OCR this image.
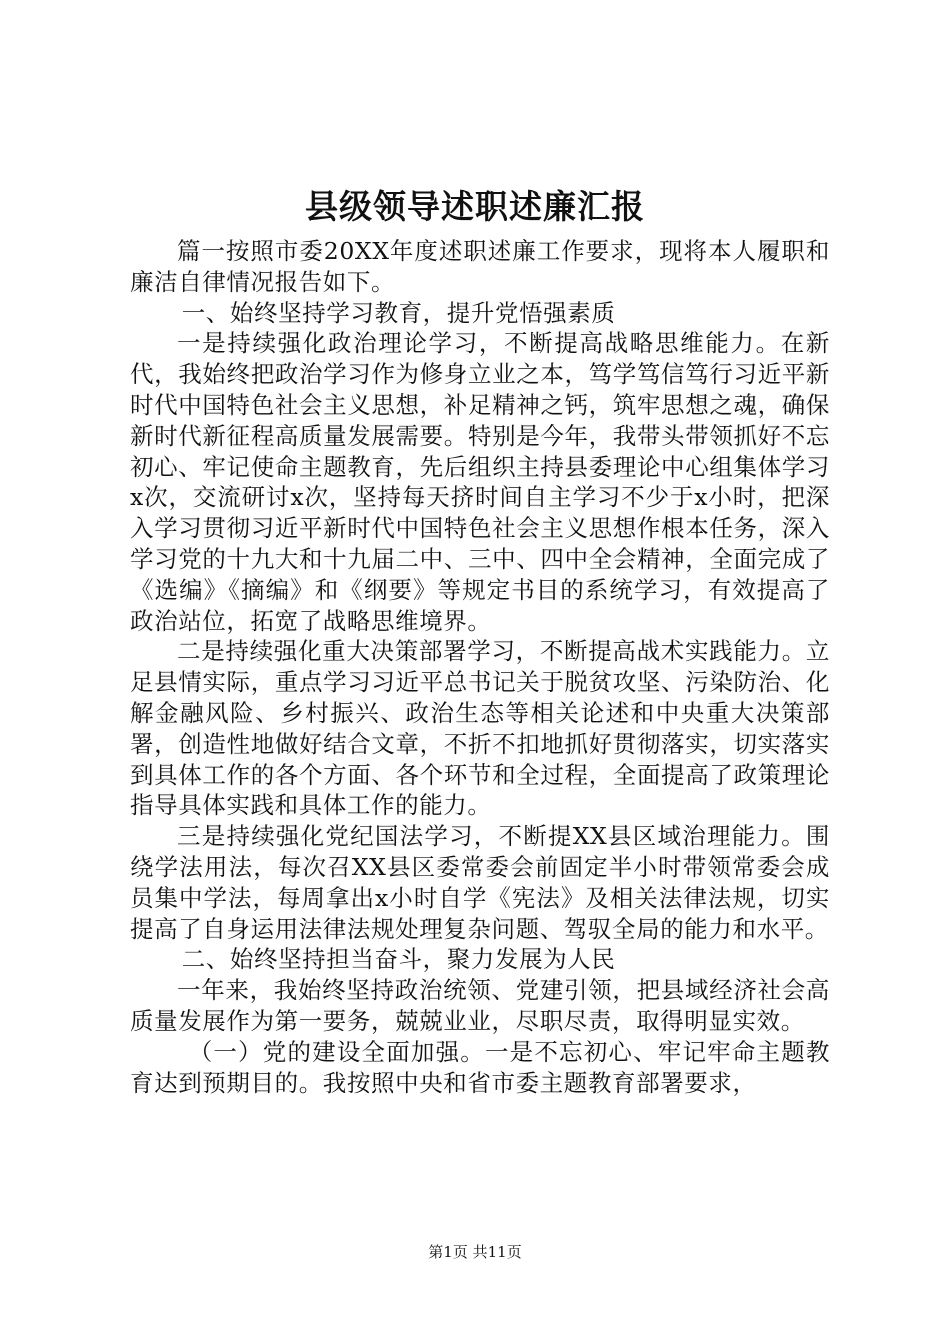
县级领导述职述廉汇报

篇一按照市委20XX年度述职述廉工作要求，现将本人履职和廉洁自律情况报告如下。

一、始终坚持学习教育，提升党悟强素质

一是持续强化政治理论学习，不断提高战略思维能力。在新代，我始终把政治学习作为修身立业之本，笃学笃信笃行习近平新时代中国特色社会主义思想，补足精神之钙，筑牢思想之魂，确保新时代新征程高质量发展需要。特别是今年，我带头带领抓好不忘初心、牢记使命主题教育，先后组织主持县委理论中心组集体学习x次，交流研讨x次，坚持每天挤时间自主学习不少于x小时，把深入学习贯彻习近平新时代中国特色社会主义思想作根本任务，深入学习党的十九大和十九届二中、三中、四中全会精神，全面完成了《选编》《摘编》和《纲要》等规定书目的系统学习，有效提高了政治站位，拓宽了战略思维境界。

二是持续强化重大决策部署学习，不断提高战术实践能力。立足县情实际，重点学习习近平总书记关于脱贫攻坚、污染防治、化解金融风险、乡村振兴、政治生态等相关论述和中央重大决策部署，创造性地做好结合文章，不折不扣地抓好贯彻落实，切实落实到具体工作的各个方面、各个环节和全过程，全面提高了政策理论指导具体实践和具体工作的能力。

三是持续强化党纪国法学习，不断提XX县区域治理能力。围绕学法用法，每次召XX县区委常委会前固定半小时带领常委会成员集中学法，每周拿出x小时自学《宪法》及相关法律法规，切实提高了自身运用法律法规处理复杂问题、驾驭全局的能力和水平。

二、始终坚持担当奋斗，聚力发展为人民

一年来，我始终坚持政治统领、党建引领，把县域经济社会高质量发展作为第一要务，兢兢业业，尽职尽责，取得明显实效。

（一）党的建设全面加强。一是不忘初心、牢记牢命主题教育达到预期目的。我按照中央和省市委主题教育部署要求，

第1页 共11页
